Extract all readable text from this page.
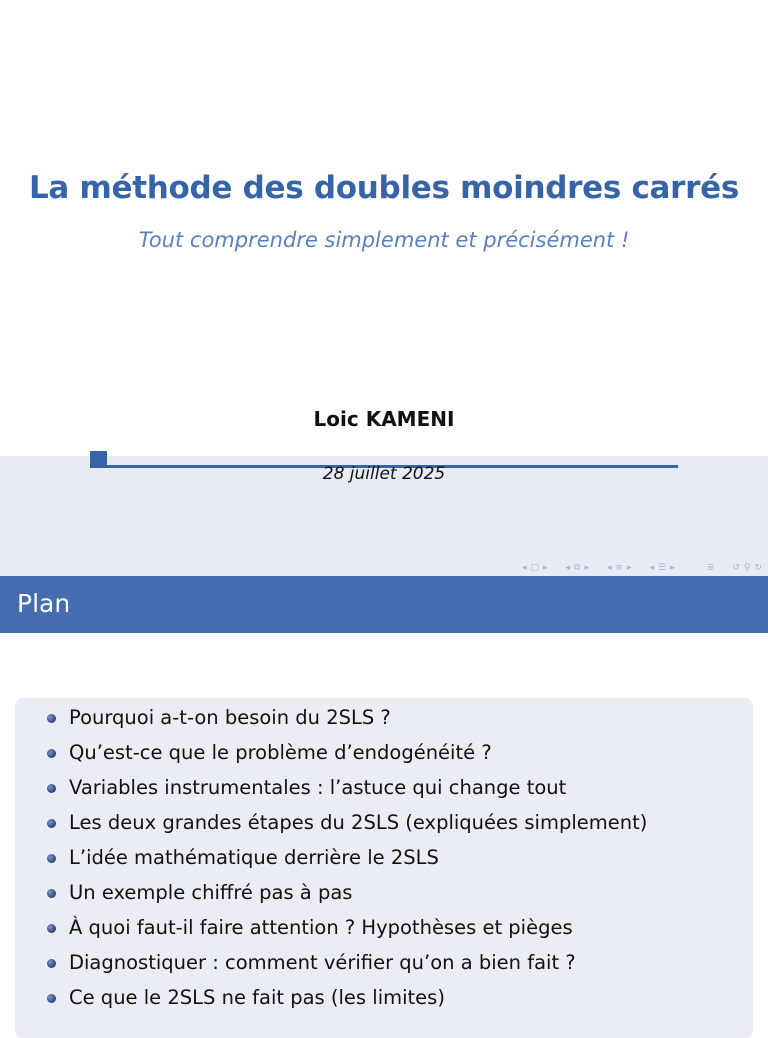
La méthode des doubles moindres carrés
Tout comprendre simplement et précisément !
Loic KAMENI
28 juillet 2025
◂ □ ▸ ◂ ⧉ ▸ ◂ ≡ ▸ ◂ ☰ ▸	≣ ↺ ⚲ ↻
Plan
Pourquoi a-t-on besoin du 2SLS ?
Qu’est-ce que le problème d’endogénéité ?
Variables instrumentales : l’astuce qui change tout
Les deux grandes étapes du 2SLS (expliquées simplement)
L’idée mathématique derrière le 2SLS
Un exemple chiffré pas à pas
À quoi faut-il faire attention ? Hypothèses et pièges
Diagnostiquer : comment vérifier qu’on a bien fait ?
Ce que le 2SLS ne fait pas (les limites)
